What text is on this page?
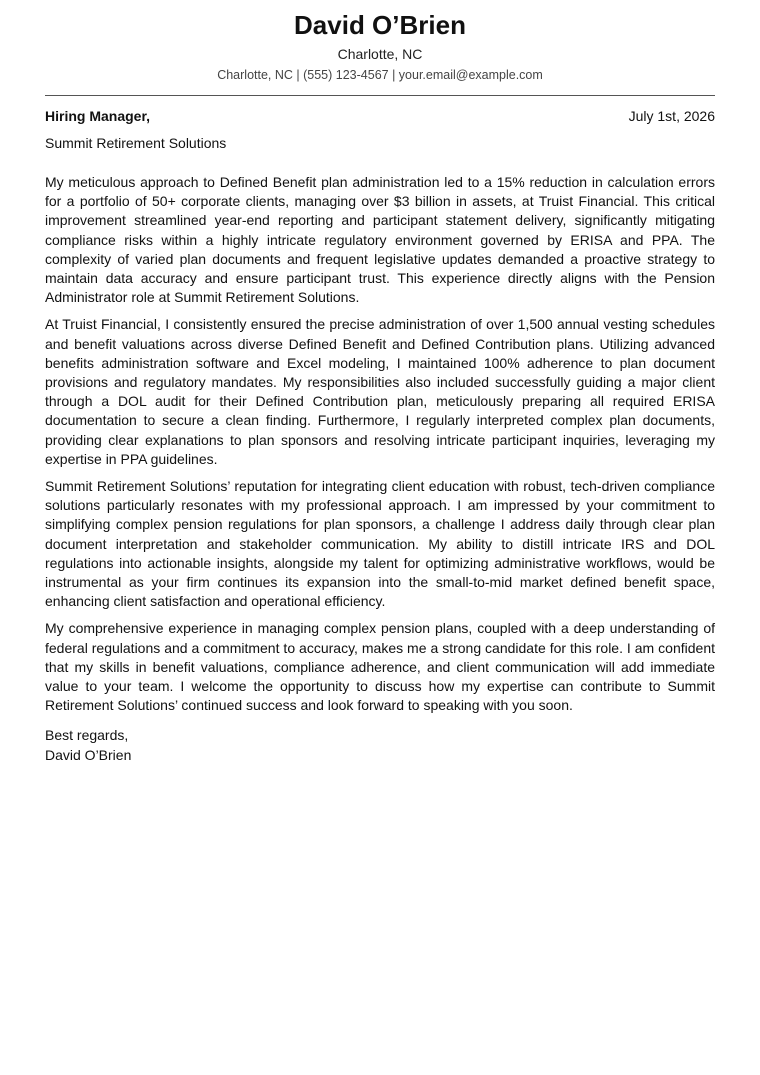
David O’Brien
Charlotte, NC
Charlotte, NC | (555) 123-4567 | your.email@example.com
Hiring Manager,	July 1st, 2026
Summit Retirement Solutions

My meticulous approach to Defined Benefit plan administration led to a 15% reduction in calculation errors for a portfolio of 50+ corporate clients, managing over $3 billion in assets, at Truist Financial. This critical improvement streamlined year-end reporting and participant statement delivery, significantly mitigating compliance risks within a highly intricate regulatory environment governed by ERISA and PPA. The complexity of varied plan documents and frequent legislative updates demanded a proactive strategy to maintain data accuracy and ensure participant trust. This experience directly aligns with the Pension Administrator role at Summit Retirement Solutions.

At Truist Financial, I consistently ensured the precise administration of over 1,500 annual vesting schedules and benefit valuations across diverse Defined Benefit and Defined Contribution plans. Utilizing advanced benefits administration software and Excel modeling, I maintained 100% adherence to plan document provisions and regulatory mandates. My responsibilities also included successfully guiding a major client through a DOL audit for their Defined Contribution plan, meticulously preparing all required ERISA documentation to secure a clean finding. Furthermore, I regularly interpreted complex plan documents, providing clear explanations to plan sponsors and resolving intricate participant inquiries, leveraging my expertise in PPA guidelines.

Summit Retirement Solutions’ reputation for integrating client education with robust, tech-driven compliance solutions particularly resonates with my professional approach. I am impressed by your commitment to simplifying complex pension regulations for plan sponsors, a challenge I address daily through clear plan document interpretation and stakeholder communication. My ability to distill intricate IRS and DOL regulations into actionable insights, alongside my talent for optimizing administrative workflows, would be instrumental as your firm continues its expansion into the small-to-mid market defined benefit space, enhancing client satisfaction and operational efficiency.

My comprehensive experience in managing complex pension plans, coupled with a deep understanding of federal regulations and a commitment to accuracy, makes me a strong candidate for this role. I am confident that my skills in benefit valuations, compliance adherence, and client communication will add immediate value to your team. I welcome the opportunity to discuss how my expertise can contribute to Summit Retirement Solutions’ continued success and look forward to speaking with you soon.

Best regards,
David O’Brien
